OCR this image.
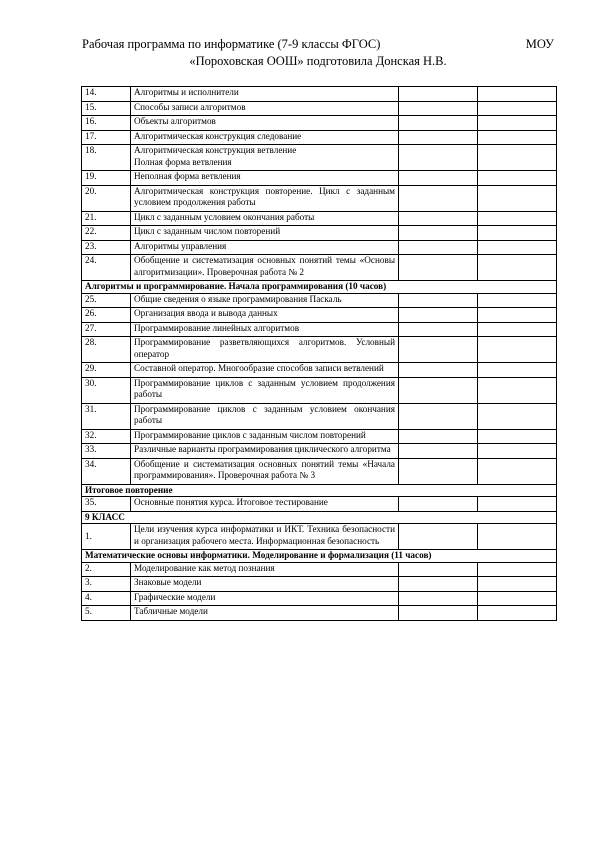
Рабочая программа по информатике (7-9 классы ФГОС)	МОУ
«Пороховская ООШ» подготовила Донская Н.В.
14.	Алгоритмы и исполнители		
15.	Способы записи алгоритмов		
16.	Объекты алгоритмов		
17.	Алгоритмическая конструкция следование		
18.	Алгоритмическая конструкция ветвление
Полная форма ветвления		
19.	Неполная форма ветвления		
20.	Алгоритмическая конструкция повторение. Цикл с заданным условием продолжения работы		
21.	Цикл с заданным условием окончания работы		
22.	Цикл с заданным числом повторений		
23.	Алгоритмы управления		
24.	Обобщение и систематизация основных понятий темы «Основы алгоритмизации». Проверочная работа № 2		
Алгоритмы и программирование. Начала программирования (10 часов)			
25.	Общие сведения о языке программирования Паскаль		
26.	Организация ввода и вывода данных		
27.	Программирование линейных алгоритмов		
28.	Программирование разветвляющихся алгоритмов. Условный оператор		
29.	Составной оператор. Многообразие способов записи ветвлений		
30.	Программирование циклов с заданным условием продолжения работы		
31.	Программирование циклов с заданным условием окончания работы		
32.	Программирование циклов с заданным числом повторений		
33.	Различные варианты программирования циклического алгоритма		
34.	Обобщение и систематизация основных понятий темы «Начала программирования». Проверочная работа № 3		
Итоговое повторение			
35.	Основные понятия курса. Итоговое тестирование		
9 КЛАСС			
1.	Цели изучения курса информатики и ИКТ. Техника безопасности и организация рабочего места. Информационная безопасность		
Математические основы информатики. Моделирование и формализация (11 часов)			
2.	Моделирование как метод познания		
3.	Знаковые модели		
4.	Графические модели		
5.	Табличные модели		
